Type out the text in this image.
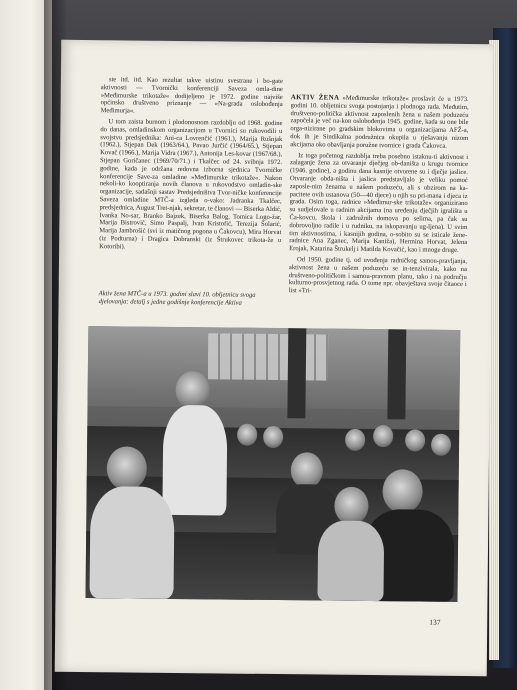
ste itd. itd. Kao rezultat takve uistinu svestrane i bo-gate aktivnosti — Tvornički konferenciji Saveza omla-dine »Međimurske trikotaže« dodijeljeno je 1972. godine najviše općinsko društveno priznanje — »Na-grada oslobođenja Međimurja«.

U tom zaista burnom i plodonosnom razdoblju od 1968. godine do danas, omladinskom organizacijom u Tvornici su rukovodili u svojstvu predsjednika: Ani-ca Lovrenčić (1961.), Marija Rušnjak (1962.), Stjepan Dek (1963/64.), Pavao Jurčić (1964/65.), Stjepan Kovač (1966.), Marija Vidra (1967.), Antonija Les-kovar (1967/68.), Stjepan Goričanec (1969/70/71.) i Tkalčec od 24. svibnja 1972. godine, kada je održana redovna izborna sjednica Tvorničke konferencije Save-za omladine »Međimurske trikotaže«. Nakon nekoli-ko kooptiranja novih članova u rukovodstvo omladin-ske organizacije, sadašnji sastav Predsjedništva Tvor-ničke konferencije Saveza omladine MTČ-a izgleda o-vako: Jadranka Tkalčec, predsjednica, August Tret-njak, sekretar, te članovi — Biserka Aldić, Ivanka No-sar, Branko Bajzek, Biserka Balog, Tomica Logo-žar, Marija Bistrović, Simo Paspalj, Ivan Kristofić, Terezija Šolarić, Marija Jambrošić (svi iz matičnog pogona u Čakovcu), Mira Horvat (iz Podturna) i Dragica Dobranski (iz Štrukovec trikota-že u Kotoribi).

AKTIV ŽENA »Međimurske trikotaže« proslavit će u 1973. godini 10. obljetnicu svoga postojanja i plodnoga rada. Međutim, društveno-politička aktivnost zaposlenih žena u našem poduzeću započela je već na-kon oslobođenja 1945. godine, kada su one bile orga-nizirane po gradskim blokovima u organizacijama AFŽ-a, dok ih je Sindikalna podružnica okupila u rješavanju nizom akcijama oko obavljanja poružne tvornice i grada Čakovca.

Iz toga početnog razdoblja treba posebno istaknu-ti aktivnost i zalaganje žena za otvaranje dječjeg ob-daništa u krugu tvornice (1946. godine), a godinu dana kasnije otvorene su i dječje jaslice. Otvaranje obda-ništa i jaslica predstavljalo je veliku pomoć zaposle-nim ženama u našem poduzeću, ali s obzirom na ka-pacitete ovih ustanova (50—40 djece) u njih su pri-mana i djeca iz grada. Osim toga, radnice »Međimur-ske trikotaže« organizirano su sudjelovale u radnim akcijama (na uređenju dječjih igrališta u Ča-kovcu, škola i zadružnih domova po selima, pa čak su dobrovoljno radile i u rudniku, na iskopavanju ug-ljena). U svim tim aktivnostima, i kasnijih godina, o-sobito su se isticale žene-radnice Ana Zganec, Marija Kaniža), Hermina Horvat, Jelena Erojak, Katarina Štrukelj i Matilda Kovačić, kao i mnoge druge.

Od 1950. godine tj. od uvođenja radničkog samou-pravljanja, aktivnost žena u našem poduzeću se in-tenzivirala, kako na društveno-političkom i samou-pravnom planu, tako i na području kulturno-prosvjetnog rada. O tome npr. obavještava svoje čitaoce i list »Tri-

Aktiv žena MTČ-a u 1973. godini slavi 10. obljetnicu svoga djelovanja: detalj s jedne godišnje konferencije Aktiva
137
